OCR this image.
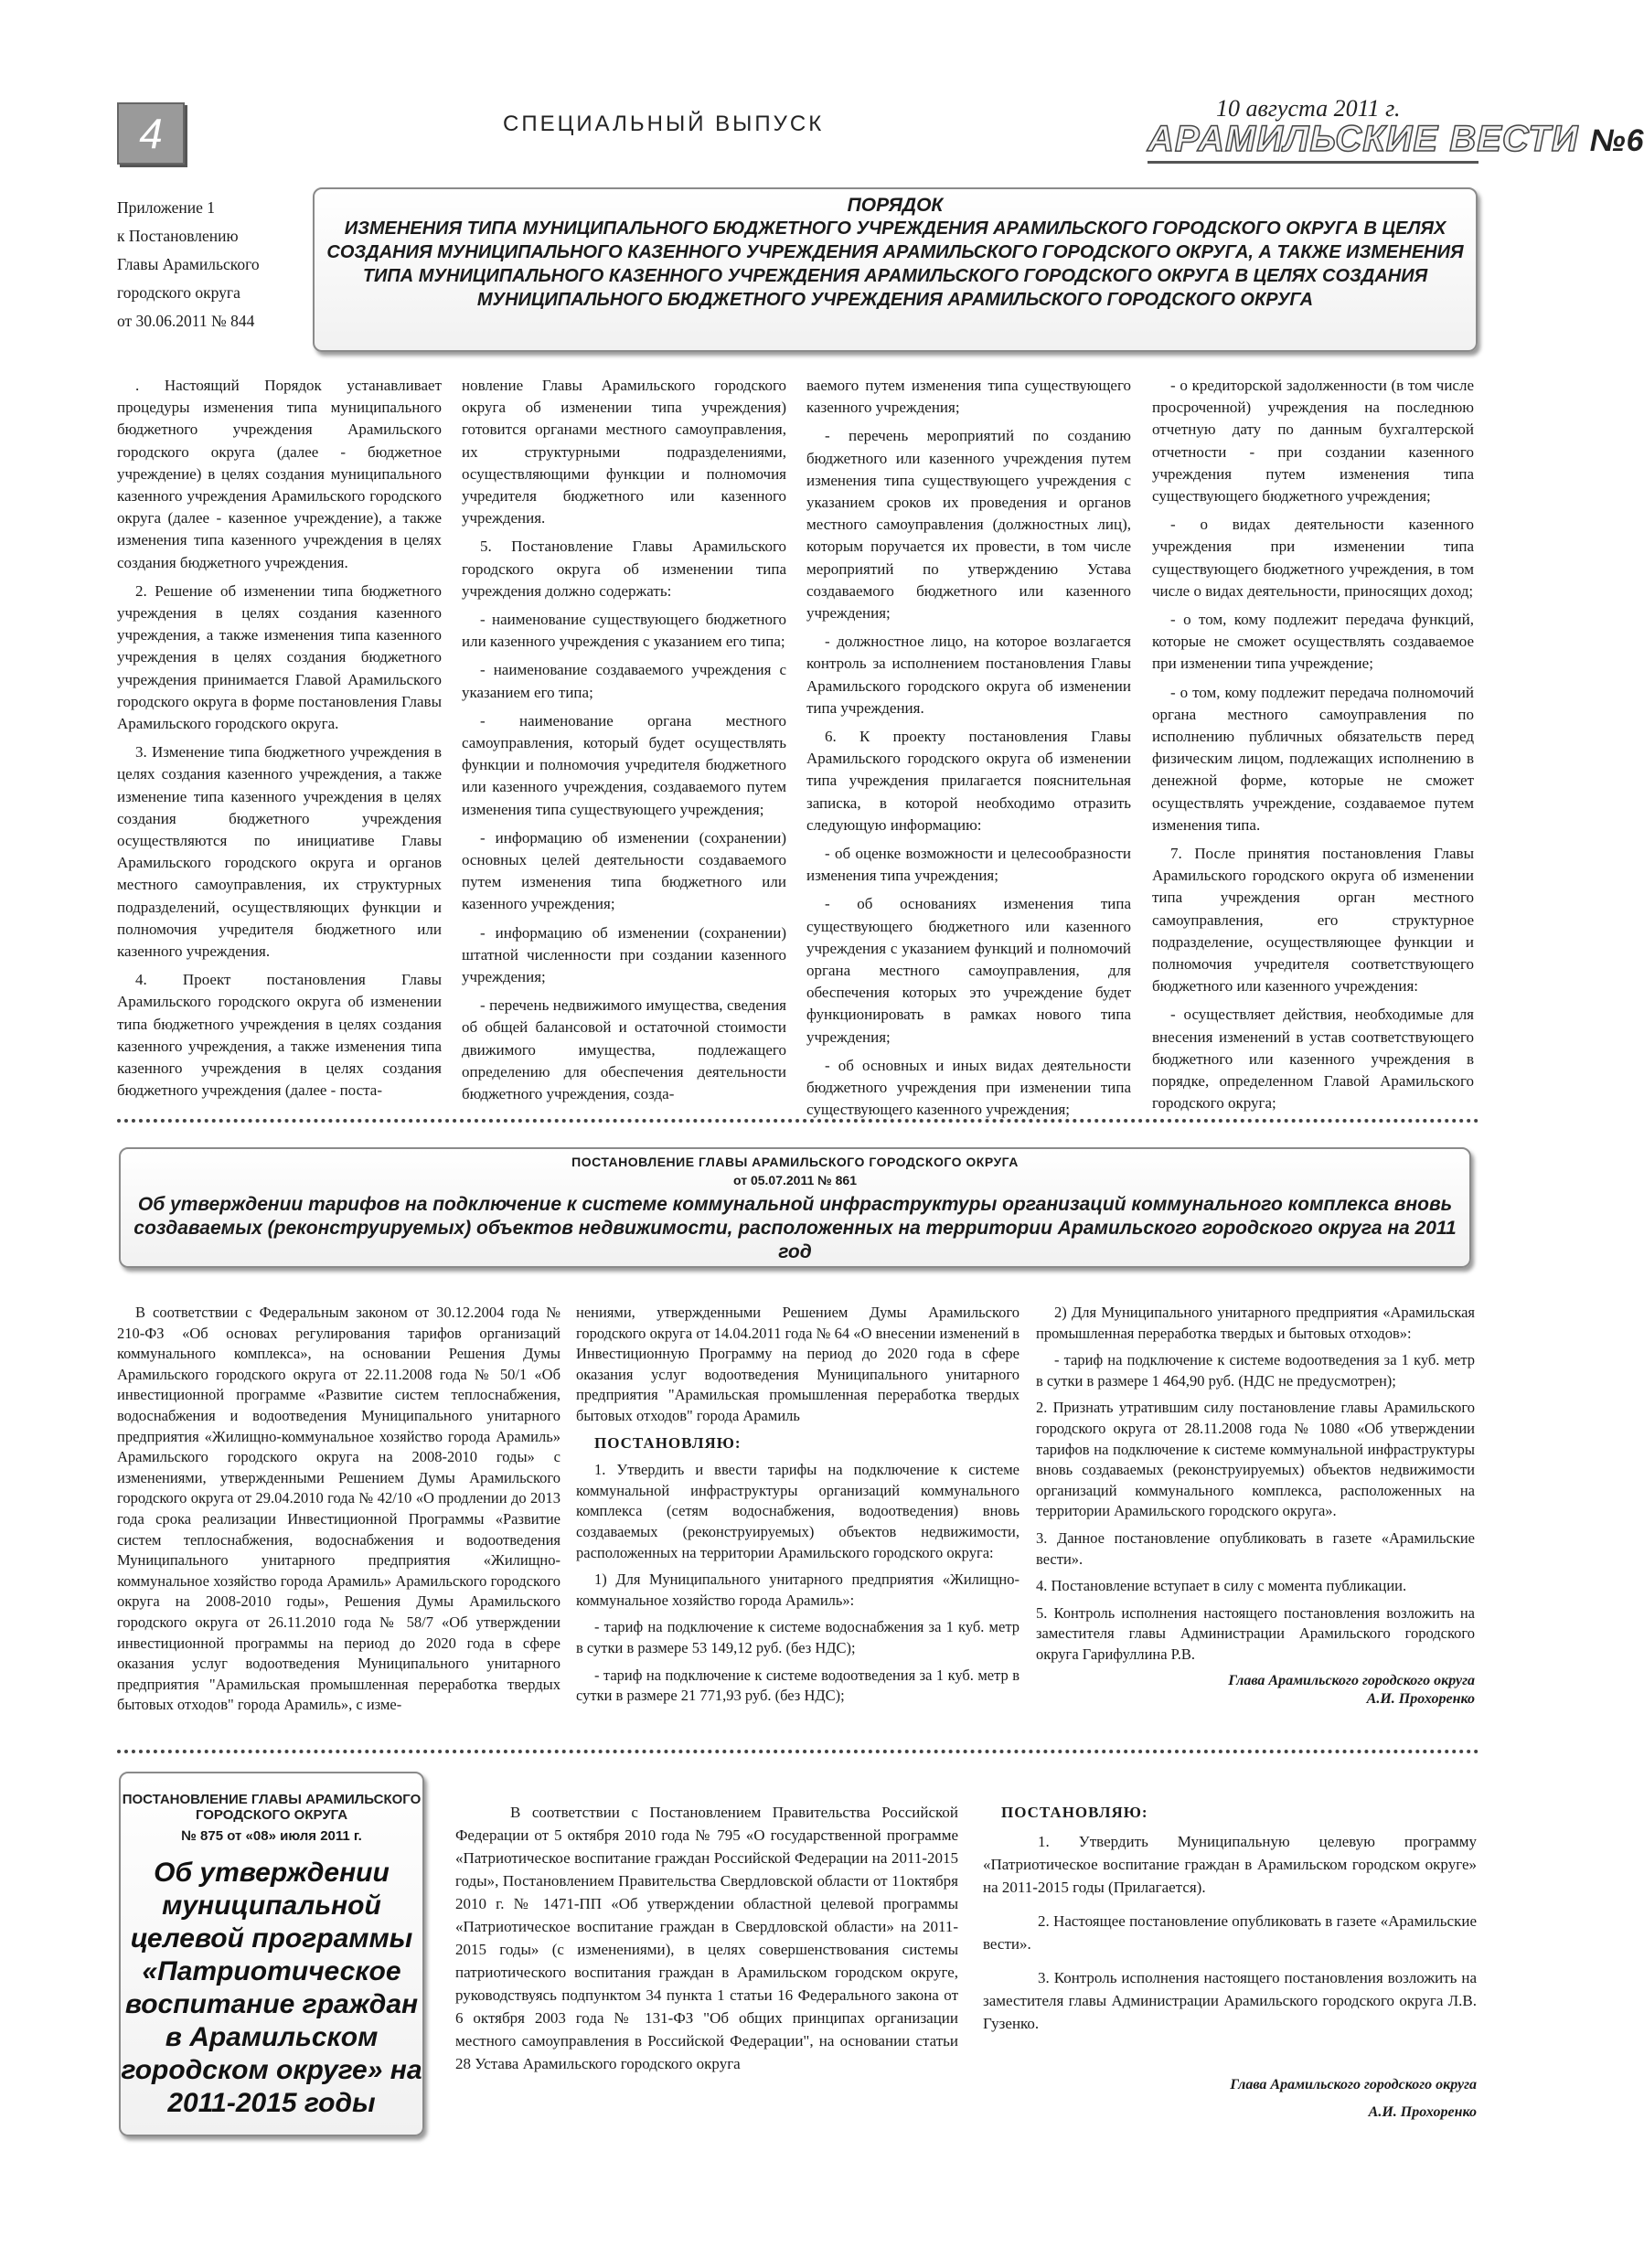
4	СПЕЦИАЛЬНЫЙ ВЫПУСК
10 августа 2011 г.
АРАМИЛЬСКИЕ ВЕСТИ №6
Приложение 1
к Постановлению
Главы Арамильского
городского округа
от 30.06.2011 № 844
ПОРЯДОК
ИЗМЕНЕНИЯ ТИПА МУНИЦИПАЛЬНОГО БЮДЖЕТНОГО УЧРЕЖДЕНИЯ АРАМИЛЬСКОГО ГОРОДСКОГО ОКРУГА В ЦЕЛЯХ СОЗДАНИЯ МУНИЦИПАЛЬНОГО КАЗЕННОГО УЧРЕЖДЕНИЯ АРАМИЛЬСКОГО ГОРОДСКОГО ОКРУГА, А ТАКЖЕ ИЗМЕНЕНИЯ ТИПА МУНИЦИПАЛЬНОГО КАЗЕННОГО УЧРЕЖДЕНИЯ АРАМИЛЬСКОГО ГОРОДСКОГО ОКРУГА В ЦЕЛЯХ СОЗДАНИЯ МУНИЦИПАЛЬНОГО БЮДЖЕТНОГО УЧРЕЖДЕНИЯ АРАМИЛЬСКОГО ГОРОДСКОГО ОКРУГА

. Настоящий Порядок устанавливает процедуры изменения типа муниципального бюджетного учреждения Арамильского городского округа (далее - бюджетное учреждение) в целях создания муниципального казенного учреждения Арамильского городского округа (далее - казенное учреждение), а также изменения типа казенного учреждения в целях создания бюджетного учреждения.

2. Решение об изменении типа бюджетного учреждения в целях создания казенного учреждения, а также изменения типа казенного учреждения в целях создания бюджетного учреждения принимается Главой Арамильского городского округа в форме постановления Главы Арамильского городского округа.

3. Изменение типа бюджетного учреждения в целях создания казенного учреждения, а также изменение типа казенного учреждения в целях создания бюджетного учреждения осуществляются по инициативе Главы Арамильского городского округа и органов местного самоуправления, их структурных подразделений, осуществляющих функции и полномочия учредителя бюджетного или казенного учреждения.

4. Проект постановления Главы Арамильского городского округа об изменении типа бюджетного учреждения в целях создания казенного учреждения, а также изменения типа казенного учреждения в целях создания бюджетного учреждения (далее - поста-

новление Главы Арамильского городского округа об изменении типа учреждения) готовится органами местного самоуправления, их структурными подразделениями, осуществляющими функции и полномочия учредителя бюджетного или казенного учреждения.

5. Постановление Главы Арамильского городского округа об изменении типа учреждения должно содержать:

- наименование существующего бюджетного или казенного учреждения с указанием его типа;

- наименование создаваемого учреждения с указанием его типа;

- наименование органа местного самоуправления, который будет осуществлять функции и полномочия учредителя бюджетного или казенного учреждения, создаваемого путем изменения типа существующего учреждения;

- информацию об изменении (сохранении) основных целей деятельности создаваемого путем изменения типа бюджетного или казенного учреждения;

- информацию об изменении (сохранении) штатной численности при создании казенного учреждения;

- перечень недвижимого имущества, сведения об общей балансовой и остаточной стоимости движимого имущества, подлежащего определению для обеспечения деятельности бюджетного учреждения, созда-

ваемого путем изменения типа существующего казенного учреждения;

- перечень мероприятий по созданию бюджетного или казенного учреждения путем изменения типа существующего учреждения с указанием сроков их проведения и органов местного самоуправления (должностных лиц), которым поручается их провести, в том числе мероприятий по утверждению Устава создаваемого бюджетного или казенного учреждения;

- должностное лицо, на которое возлагается контроль за исполнением постановления Главы Арамильского городского округа об изменении типа учреждения.

6. К проекту постановления Главы Арамильского городского округа об изменении типа учреждения прилагается пояснительная записка, в которой необходимо отразить следующую информацию:

- об оценке возможности и целесообразности изменения типа учреждения;

- об основаниях изменения типа существующего бюджетного или казенного учреждения с указанием функций и полномочий органа местного самоуправления, для обеспечения которых это учреждение будет функционировать в рамках нового типа учреждения;

- об основных и иных видах деятельности бюджетного учреждения при изменении типа существующего казенного учреждения;

- о кредиторской задолженности (в том числе просроченной) учреждения на последнюю отчетную дату по данным бухгалтерской отчетности - при создании казенного учреждения путем изменения типа существующего бюджетного учреждения;

- о видах деятельности казенного учреждения при изменении типа существующего бюджетного учреждения, в том числе о видах деятельности, приносящих доход;

- о том, кому подлежит передача функций, которые не сможет осуществлять создаваемое при изменении типа учреждение;

- о том, кому подлежит передача полномочий органа местного самоуправления по исполнению публичных обязательств перед физическим лицом, подлежащих исполнению в денежной форме, которые не сможет осуществлять учреждение, создаваемое путем изменения типа.

7. После принятия постановления Главы Арамильского городского округа об изменении типа учреждения орган местного самоуправления, его структурное подразделение, осуществляющее функции и полномочия учредителя соответствующего бюджетного или казенного учреждения:

- осуществляет действия, необходимые для внесения изменений в устав соответствующего бюджетного или казенного учреждения в порядке, определенном Главой Арамильского городского округа;

ПОСТАНОВЛЕНИЕ ГЛАВЫ АРАМИЛЬСКОГО ГОРОДСКОГО ОКРУГА
от 05.07.2011 № 861
Об утверждении тарифов на подключение к системе коммунальной инфраструктуры организаций коммунального комплекса вновь создаваемых (реконструируемых) объектов недвижимости, расположенных на территории Арамильского городского округа на 2011 год

В соответствии с Федеральным законом от 30.12.2004 года № 210-ФЗ «Об основах регулирования тарифов организаций коммунального комплекса», на основании Решения Думы Арамильского городского округа от 22.11.2008 года № 50/1 «Об инвестиционной программе «Развитие систем теплоснабжения, водоснабжения и водоотведения Муниципального унитарного предприятия «Жилищно-коммунальное хозяйство города Арамиль» Арамильского городского округа на 2008-2010 годы» с изменениями, утвержденными Решением Думы Арамильского городского округа от 29.04.2010 года № 42/10 «О продлении до 2013 года срока реализации Инвестиционной Программы «Развитие систем теплоснабжения, водоснабжения и водоотведения Муниципального унитарного предприятия «Жилищно-коммунальное хозяйство города Арамиль» Арамильского городского округа на 2008-2010 годы», Решения Думы Арамильского городского округа от 26.11.2010 года № 58/7 «Об утверждении инвестиционной программы на период до 2020 года в сфере оказания услуг водоотведения Муниципального унитарного предприятия "Арамильская промышленная переработка твердых бытовых отходов" города Арамиль», с изме-

нениями, утвержденными Решением Думы Арамильского городского округа от 14.04.2011 года № 64 «О внесении изменений в Инвестиционную Программу на период до 2020 года в сфере оказания услуг водоотведения Муниципального унитарного предприятия "Арамильская промышленная переработка твердых бытовых отходов" города Арамиль

ПОСТАНОВЛЯЮ:

1. Утвердить и ввести тарифы на подключение к системе коммунальной инфраструктуры организаций коммунального комплекса (сетям водоснабжения, водоотведения) вновь создаваемых (реконструируемых) объектов недвижимости, расположенных на территории Арамильского городского округа:

1) Для Муниципального унитарного предприятия «Жилищно-коммунальное хозяйство города Арамиль»:

- тариф на подключение к системе водоснабжения за 1 куб. метр в сутки в размере 53 149,12 руб. (без НДС);

- тариф на подключение к системе водоотведения за 1 куб. метр в сутки в размере 21 771,93 руб. (без НДС);

2) Для Муниципального унитарного предприятия «Арамильская промышленная переработка твердых и бытовых отходов»:

- тариф на подключение к системе водоотведения за 1 куб. метр в сутки в размере 1 464,90 руб. (НДС не предусмотрен);

2. Признать утратившим силу постановление главы Арамильского городского округа от 28.11.2008 года № 1080 «Об утверждении тарифов на подключение к системе коммунальной инфраструктуры вновь создаваемых (реконструируемых) объектов недвижимости организаций коммунального комплекса, расположенных на территории Арамильского городского округа».

3. Данное постановление опубликовать в газете «Арамильские вести».

4. Постановление вступает в силу с момента публикации.

5. Контроль исполнения настоящего постановления возложить на заместителя главы Администрации Арамильского городского округа Гарифуллина Р.В.

Глава Арамильского городского округа
А.И. Прохоренко
ПОСТАНОВЛЕНИЕ ГЛАВЫ АРАМИЛЬСКОГО ГОРОДСКОГО ОКРУГА
№ 875 от «08» июля 2011 г.
Об утверждении муниципальной целевой программы «Патриотическое воспитание граждан в Арамильском городском округе» на 2011-2015 годы

В соответствии с Постановлением Правительства Российской Федерации от 5 октября 2010 года № 795 «О государственной программе «Патриотическое воспитание граждан Российской Федерации на 2011-2015 годы», Постановлением Правительства Свердловской области от 11октября 2010 г. № 1471-ПП «Об утверждении областной целевой программы «Патриотическое воспитание граждан в Свердловской области» на 2011-2015 годы» (с изменениями), в целях совершенствования системы патриотического воспитания граждан в Арамильском городском округе, руководствуясь подпунктом 34 пункта 1 статьи 16 Федерального закона от 6 октября 2003 года № 131-ФЗ "Об общих принципах организации местного самоуправления в Российской Федерации", на основании статьи 28 Устава Арамильского городского округа

ПОСТАНОВЛЯЮ:

1. Утвердить Муниципальную целевую программу «Патриотическое воспитание граждан в Арамильском городском округе» на 2011-2015 годы (Прилагается).

2. Настоящее постановление опубликовать в газете «Арамильские вести».

3. Контроль исполнения настоящего постановления возложить на заместителя главы Администрации Арамильского городского округа Л.В. Гузенко.

Глава Арамильского городского округа
А.И. Прохоренко
